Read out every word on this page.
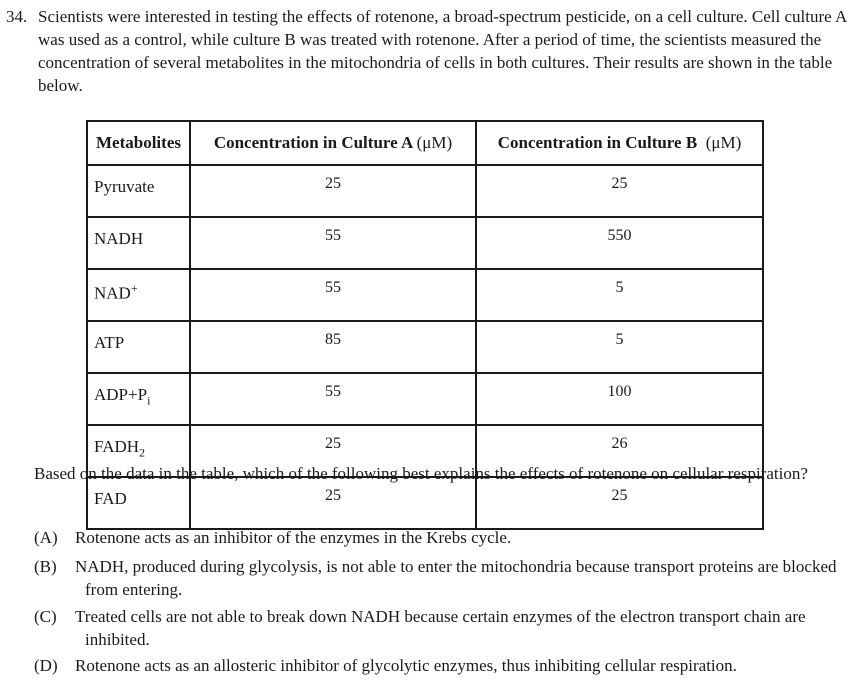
34. Scientists were interested in testing the effects of rotenone, a broad-spectrum pesticide, on a cell culture. Cell culture A was used as a control, while culture B was treated with rotenone. After a period of time, the scientists measured the concentration of several metabolites in the mitochondria of cells in both cultures. Their results are shown in the table below.

Metabolites	Concentration in Culture A (μM)	Concentration in Culture B (μM)
Pyruvate	25	25
NADH	55	550
NAD+	55	5
ATP	85	5
$ADP+P_i$	55	100
$FADH_2$	25	26
FAD	25	25

Based on the data in the table, which of the following best explains the effects of rotenone on cellular respiration?

(A) Rotenone acts as an inhibitor of the enzymes in the Krebs cycle.
(B) NADH, produced during glycolysis, is not able to enter the mitochondria because transport proteins are blocked from entering.
(C) Treated cells are not able to break down NADH because certain enzymes of the electron transport chain are inhibited.
(D) Rotenone acts as an allosteric inhibitor of glycolytic enzymes, thus inhibiting cellular respiration.
